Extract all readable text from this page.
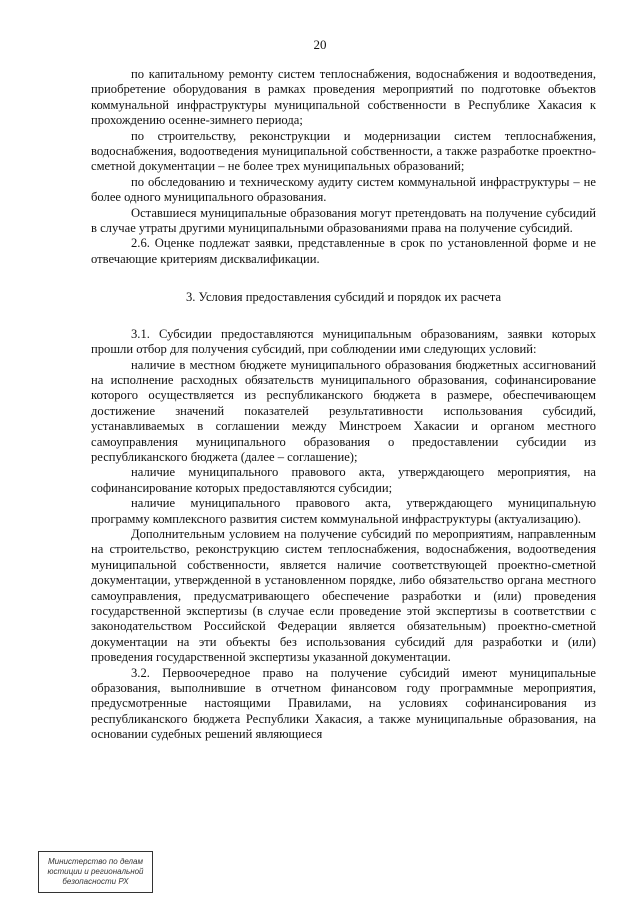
20

по капитальному ремонту систем теплоснабжения, водоснабжения и водоотведения, приобретение оборудования в рамках проведения мероприятий по подготовке объектов коммунальной инфраструктуры муниципальной собственности в Республике Хакасия к прохождению осенне-зимнего периода;

по строительству, реконструкции и модернизации систем теплоснабжения, водоснабжения, водоотведения муниципальной собственности, а также разработке проектно-сметной документации – не более трех муниципальных образований;

по обследованию и техническому аудиту систем коммунальной инфраструктуры – не более одного муниципального образования.

Оставшиеся муниципальные образования могут претендовать на получение субсидий в случае утраты другими муниципальными образованиями права на получение субсидий.

2.6. Оценке подлежат заявки, представленные в срок по установленной форме и не отвечающие критериям дисквалификации.

3. Условия предоставления субсидий и порядок их расчета

3.1. Субсидии предоставляются муниципальным образованиям, заявки которых прошли отбор для получения субсидий, при соблюдении ими следующих условий:

наличие в местном бюджете муниципального образования бюджетных ассигнований на исполнение расходных обязательств муниципального образования, софинансирование которого осуществляется из республиканского бюджета в размере, обеспечивающем достижение значений показателей результативности использования субсидий, устанавливаемых в соглашении между Минстроем Хакасии и органом местного самоуправления муниципального образования о предоставлении субсидии из республиканского бюджета (далее – соглашение);

наличие муниципального правового акта, утверждающего мероприятия, на софинансирование которых предоставляются субсидии;

наличие муниципального правового акта, утверждающего муниципальную программу комплексного развития систем коммунальной инфраструктуры (актуализацию).

Дополнительным условием на получение субсидий по мероприятиям, направленным на строительство, реконструкцию систем теплоснабжения, водоснабжения, водоотведения муниципальной собственности, является наличие соответствующей проектно-сметной документации, утвержденной в установленном порядке, либо обязательство органа местного самоуправления, предусматривающего обеспечение разработки и (или) проведения государственной экспертизы (в случае если проведение этой экспертизы в соответствии с законодательством Российской Федерации является обязательным) проектно-сметной документации на эти объекты без использования субсидий для разработки и (или) проведения государственной экспертизы указанной документации.

3.2. Первоочередное право на получение субсидий имеют муниципальные образования, выполнившие в отчетном финансовом году программные мероприятия, предусмотренные настоящими Правилами, на условиях софинансирования из республиканского бюджета Республики Хакасия, а также муниципальные образования, на основании судебных решений являющиеся

Министерство по делам
юстиции и региональной
безопасности РХ
